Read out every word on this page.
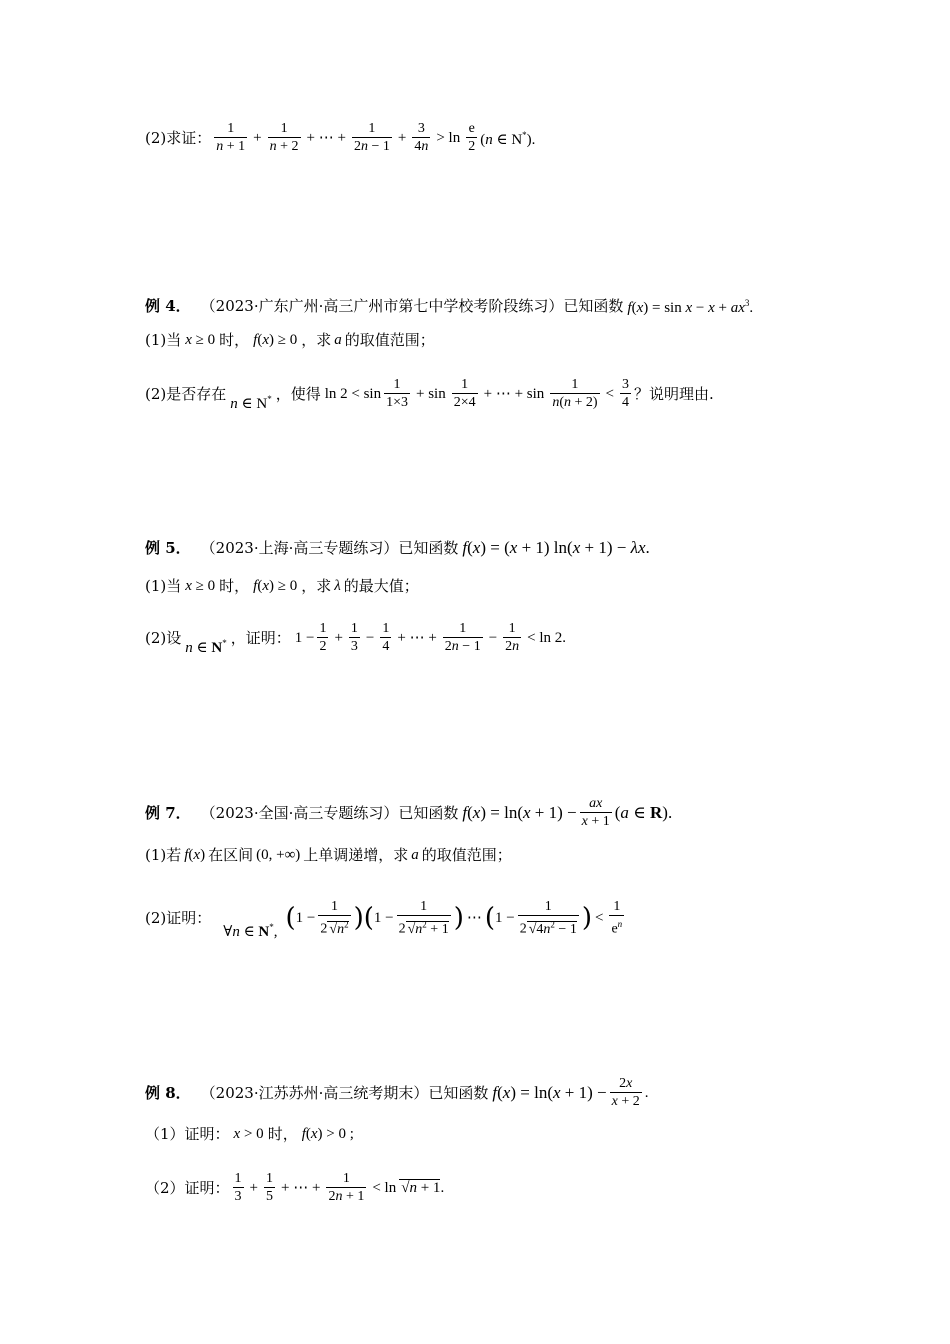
(2)求证： $\frac{1}{n + 1} + \frac{1}{n + 2}$ + ⋯ + $\frac{1}{2n - 1} + \frac{3}{4n} > \ln \frac{e}{2} (n$ ∈ N*).
例 4． （2023·广东广州·高三广州市第七中学校考阶段练习）已知函数 $f(x) = \sin x - x + ax^3$.
(1)当 x ≥ 0 时， f(x) ≥ 0 ，求 a 的取值范围；
(2)是否存在
n ∈ N* ，使得 $\ln 2 < \sin \frac{1}{1\times 3} + \sin \frac{1}{2\times 4}$ + ⋯ + $\sin \frac{1}{n(n + 2)} < \frac{3}{4}$ ？说明理由.
例 5． （2023·上海·高三专题练习）已知函数 f(x) = (x + 1) ln(x + 1) − λx.
(1)当 x ≥ 0 时， f(x) ≥ 0 ，求 λ 的最大值；
(2)设
n ∈ N* ，证明： $1 - \frac{1}{2} + \frac{1}{3} - \frac{1}{4}$ + ⋯ + $\frac{1}{2n - 1} - \frac{1}{2n} < \ln 2$.
例 7． （2023·全国·高三专题练习）已知函数 $f(x) = \ln(x + 1) - \frac{ax}{x + 1} (a$ ∈ R).
(1)若 f(x) 在区间 (0, +∞) 上单调递增，求 a 的取值范围；
(2)证明：
∀n ∈ N*, ( $1 - \frac{1}{2 √n^2}$ ) ( $1 - \frac{1}{2 √n^2 + 1}$ ) ⋯ ( $1 - \frac{1}{2 √4n^2 - 1}$ ) < $\frac{1}{e^n}$
例 8． （2023·江苏苏州·高三统考期末）已知函数 $f(x) = \ln(x + 1) - \frac{2x}{x + 2}$ .
（1）证明： x > 0 时， f(x) > 0 ;
（2）证明： $\frac{1}{3} + \frac{1}{5}$ + ⋯ + $\frac{1}{2n + 1} < \ln √n + 1$.
